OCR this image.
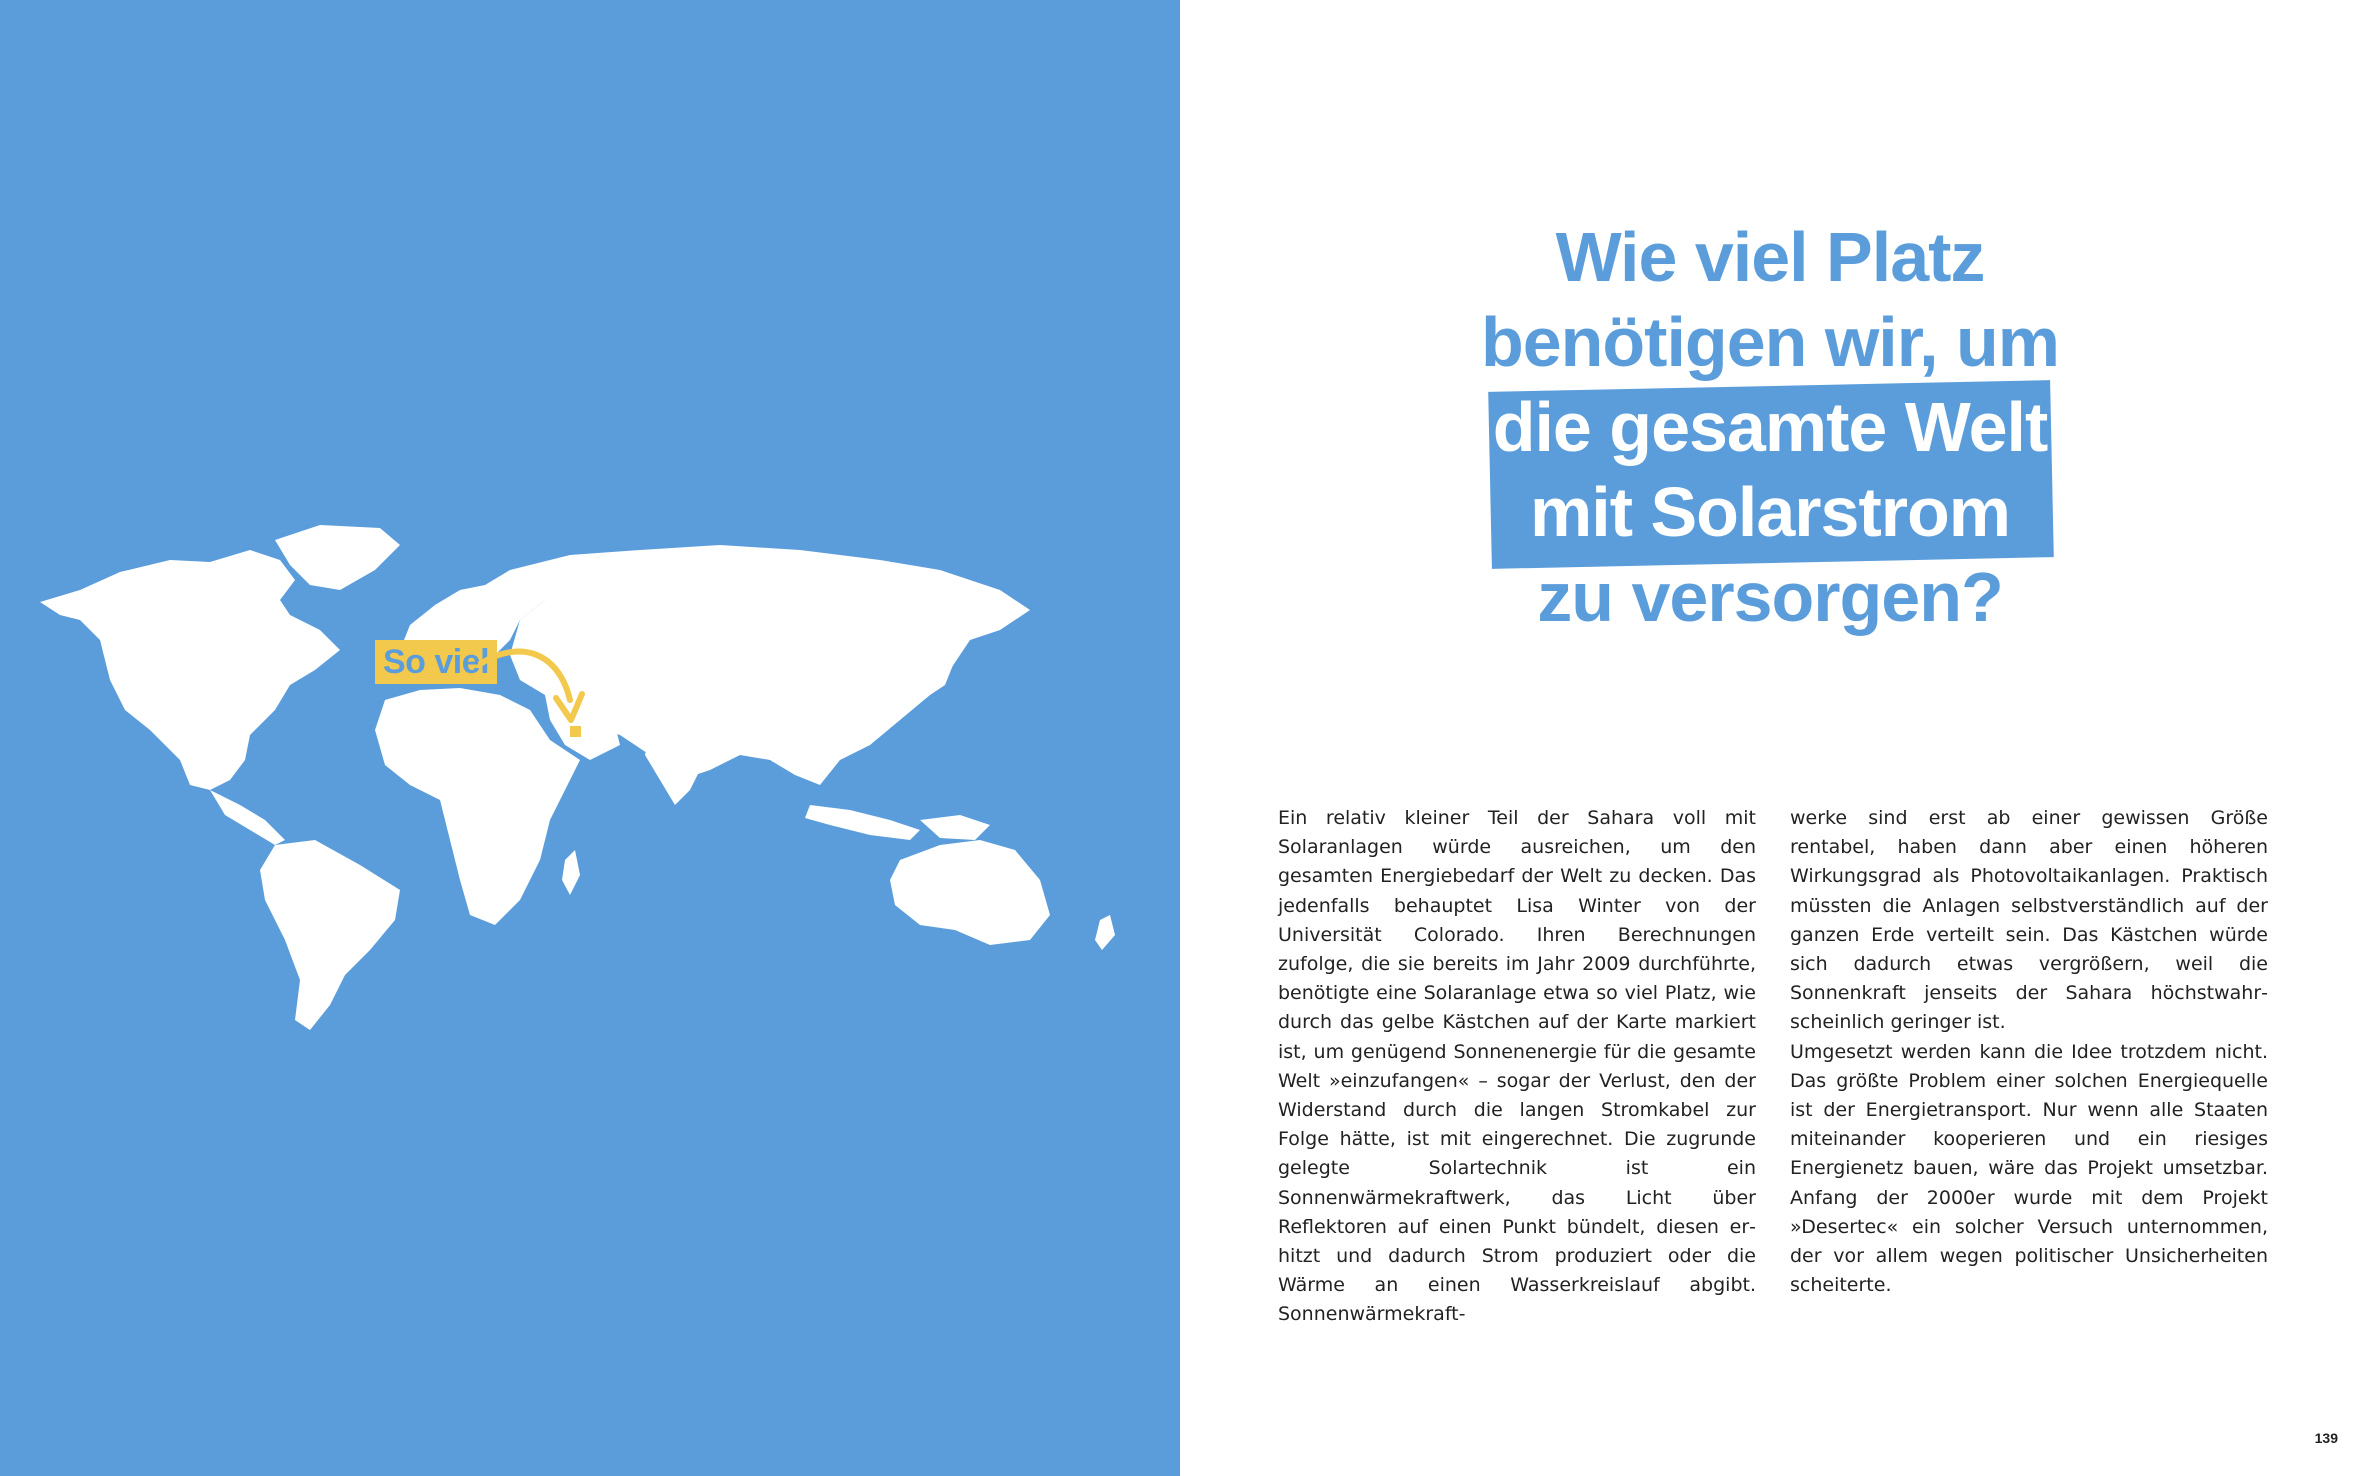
So viel
Wie viel Platz
benötigen wir, um
die gesamte Welt
mit Solarstrom
zu versorgen?
Ein relativ kleiner Teil der Sahara voll mit Solaranlagen würde ausreichen, um den gesamten Energiebedarf der Welt zu decken. Das jedenfalls behauptet Lisa Winter von der Universität Colorado. Ihren Berechnungen zufolge, die sie bereits im Jahr 2009 durchführte, benötigte eine Solaranlage etwa so viel Platz, wie durch das gelbe Kästchen auf der Karte markiert ist, um genügend Sonnenenergie für die gesamte Welt »einzufangen« – sogar der Verlust, den der Widerstand durch die langen Stromkabel zur Folge hätte, ist mit eingerechnet. Die zugrunde gelegte Solartechnik ist ein Sonnenwärmekraftwerk, das Licht über Reflektoren auf einen Punkt bündelt, diesen erhitzt und dadurch Strom produziert oder die Wärme an einen Wasserkreislauf abgibt. Sonnenwärmekraft-
werke sind erst ab einer gewissen Größe rentabel, haben dann aber einen höheren Wirkungsgrad als Photovoltaikanlagen. Praktisch müssten die Anlagen selbstverständlich auf der ganzen Erde verteilt sein. Das Kästchen würde sich dadurch etwas vergrößern, weil die Sonnenkraft jenseits der Sahara höchstwahrscheinlich geringer ist.
Umgesetzt werden kann die Idee trotzdem nicht. Das größte Problem einer solchen Energiequelle ist der Energietransport. Nur wenn alle Staaten miteinander kooperieren und ein riesiges Energienetz bauen, wäre das Projekt umsetzbar. Anfang der 2000er wurde mit dem Projekt »Desertec« ein solcher Versuch unternommen, der vor allem wegen politischer Unsicherheiten scheiterte.
139
